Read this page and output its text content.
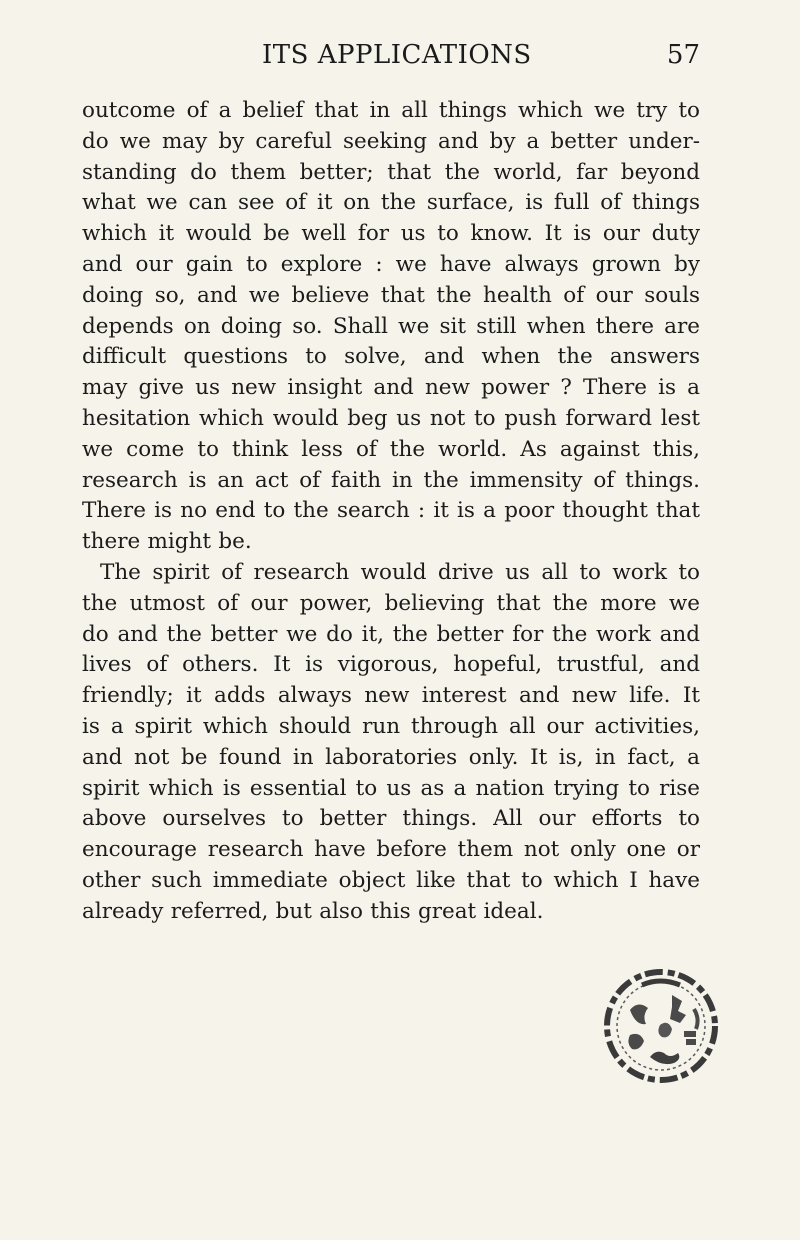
ITS APPLICATIONS	57
outcome of a belief that in all things which we try to
do we may by careful seeking and by a better under-
standing do them better; that the world, far beyond
what we can see of it on the surface, is full of things
which it would be well for us to know. It is our duty
and our gain to explore : we have always grown by
doing so, and we believe that the health of our souls
depends on doing so. Shall we sit still when there are
difficult questions to solve, and when the answers
may give us new insight and new power ? There is a
hesitation which would beg us not to push forward lest
we come to think less of the world. As against this,
research is an act of faith in the immensity of things.
There is no end to the search : it is a poor thought that
there might be.
The spirit of research would drive us all to work to
the utmost of our power, believing that the more we
do and the better we do it, the better for the work and
lives of others. It is vigorous, hopeful, trustful, and
friendly; it adds always new interest and new life. It
is a spirit which should run through all our activities,
and not be found in laboratories only. It is, in fact, a
spirit which is essential to us as a nation trying to rise
above ourselves to better things. All our efforts to
encourage research have before them not only one or
other such immediate object like that to which I have
already referred, but also this great ideal.
